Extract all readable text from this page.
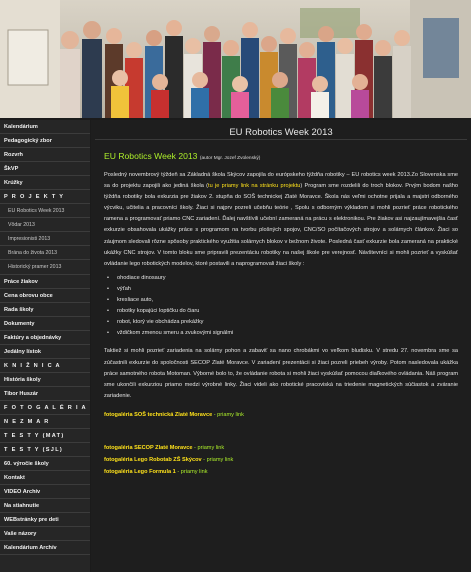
Kalendárium
Pedagogický zbor
Rozvrh
ŠkVP
Krúžky
P R O J E K T Y
EU Robotics Week 2013
Vôdar 2013
Impresionisti 2013
Brána do života 2013
Historický pramer 2013
Práce žiakov
Cena obrovu obce
Rada školy
Dokumenty
Faktúry a objednávky
Jedálny lístok
K N I Ž N I C A
História školy
Tibor Huszár
F O T O G A L É R I A
N E Z M A R
T E S T Y (MAT)
T E S T Y (SJL)
60. výročie školy
Kontakt
VIDEO Archív
Na stiahnutie
WEBstránky pre deti
Vaše názory
Kalendárium Archív
EU Robotics Week 2013
EU Robotics Week 2013 (autor Mgr. Jozef Zvolenský)

Posledný novembrový týždeň sa Základná škola Skýcov zapojila do európskeho týždňa robotiky – EU robotics week 2013.Zo Slovenska sme sa do projektu zapojili ako jediná škola (tu je priamy link na stránku projektu) Program sme rozdelili do troch blokov. Prvým bodom našho týždňa robotiky bola exkurzia pre žiakov 2. stupňa do SOŠ technickej Zlaté Moravce. Škola nás veľmi ochotne prijala a majstri odborného výcviku, učitelia a pracovníci školy. Žiaci si najprv pozreli učebňu teórie , Spolu s odborným výkladom si mohli pozrieť práce robotického ramena a programovať priamo CNC zariadení. Ďalej navštívili učební zameraná na prácu s elektronikou. Pre žiakov asi najzaujímavejšia časť exkurzie obsahovala ukážky práce s programom na tvorbu plošných spojov, CNC/SO počítačových strojov a solárnych článkov. Žiaci so záujmom sledovali rôzne spôsoby praktického využitia solárnych blokov v bežnom živote. Posledná časť exkurzie bola zameraná na praktické ukážky CNC strojov. V tomto bloku sme pripravili prezentáciu robotiky na našej škole pre verejnosť. Návštevníci si mohli pozrieť a vyskúšať ovládanie lego robotických modelov, ktoré postavili a naprogramovali žiaci školy :

• ohodiace dinosaury
• výťah
• kresliace auto,
• robotky kopajúci loptičku do čiaru
• robot, ktorý vie obchádza prekážky
• vždičkom zmenou smeru a zvukovými signálmi

Taktiež si mohli pozrieť zariadenia na solárny pohon a zabaviť sa nano chrobákmi vo veľkom bludisku. V stredu 27. novembra sme sa zúčastnili exkurzie do spoločnosti SECOP Zlaté Moravce. V zariadení prezentácii si žiaci pozreli priebeh výroby. Potom nasledovala ukážka práce samotného robota Motoman. Výborné bolo to, že ovládanie robota si mohli žiaci vyskúšať pomocou diaľkového ovládania. Náš program sme ukončili exkurziou priamo medzi výrobné linky. Žiaci videli ako robotické pracoviská na triedenie magnetických súčiastok a zváranie zariadenie.

fotogaléria SOŠ technická Zlaté Moravce - priamy link
fotogaléria SECOP Zlaté Moravce - priamy link
fotogaléria Lego Robotab ZŠ Skýcov - priamy link
fotogaléria Lego Formula 1 - priamy link
